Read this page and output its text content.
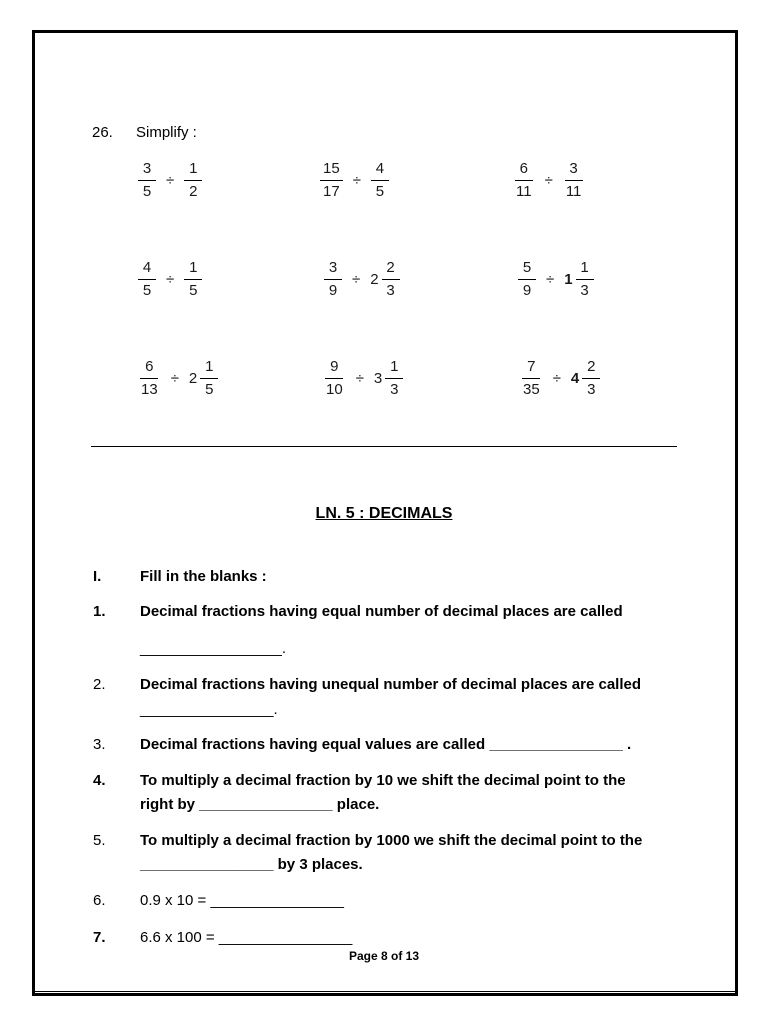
26. Simplify :
$\frac{3}{5} \div \frac{1}{2}$	$\frac{15}{17} \div \frac{4}{5}$	$\frac{6}{11} \div \frac{3}{11}$
$\frac{4}{5} \div \frac{1}{5}$	$\frac{3}{9} \div 2 \frac{2}{3}$	$\frac{5}{9} \div 1 \frac{1}{3}$
$\frac{6}{13} \div 2 \frac{1}{5}$	$\frac{9}{10} \div 3 \frac{1}{3}$	$\frac{7}{35} \div 4 \frac{2}{3}$
LN. 5 : DECIMALS
I.	Fill in the blanks :
1. Decimal fractions having equal number of decimal places are called
_________________.
2. Decimal fractions having unequal number of decimal places are called
________________.
3. Decimal fractions having equal values are called ________________ .
4. To multiply a decimal fraction by 10 we shift the decimal point to the
right by ________________ place.
5. To multiply a decimal fraction by 1000 we shift the decimal point to the
________________ by 3 places.
6. 0.9 x 10 = ________________
7. 6.6 x 100 = ________________
Page 8 of 13
